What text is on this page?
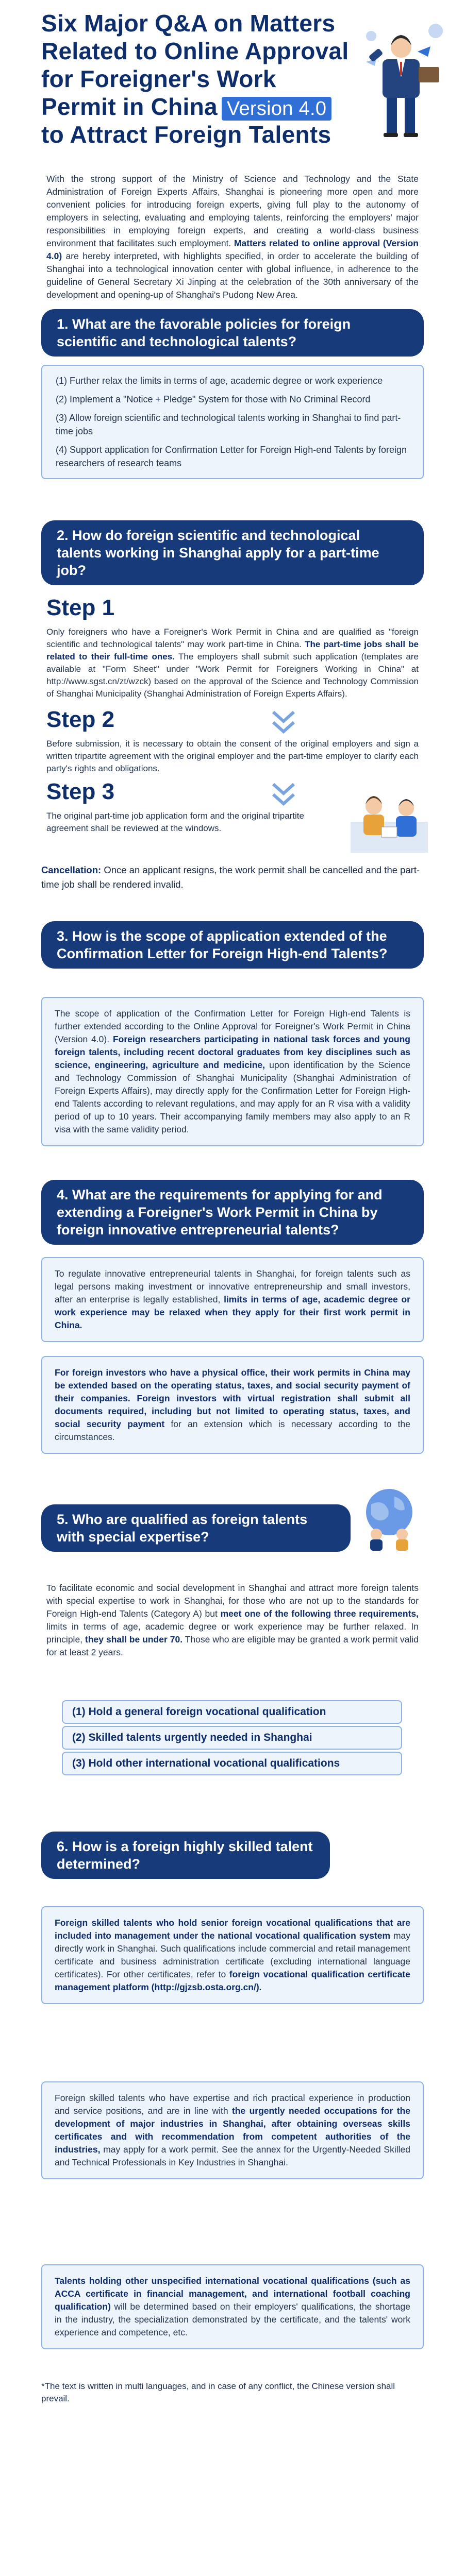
Six Major Q&A on Matters
Related to Online Approval
for Foreigner's Work
Permit in China Version 4.0
to Attract Foreign Talents
With the strong support of the Ministry of Science and Technology and the State Administration of Foreign Experts Affairs, Shanghai is pioneering more open and more convenient policies for introducing foreign experts, giving full play to the autonomy of employers in selecting, evaluating and employing talents, reinforcing the employers' major responsibilities in employing foreign experts, and creating a world-class business environment that facilitates such employment. Matters related to online approval (Version 4.0) are hereby interpreted, with highlights specified, in order to accelerate the building of Shanghai into a technological innovation center with global influence, in adherence to the guideline of General Secretary Xi Jinping at the celebration of the 30th anniversary of the development and opening-up of Shanghai's Pudong New Area.
1. What are the favorable policies for foreign scientific and technological talents?
(1) Further relax the limits in terms of age, academic degree or work experience
(2) Implement a "Notice + Pledge" System for those with No Criminal Record
(3) Allow foreign scientific and technological talents working in Shanghai to find part-time jobs
(4) Support application for Confirmation Letter for Foreign High-end Talents by foreign researchers of research teams
2. How do foreign scientific and technological talents working in Shanghai apply for a part-time job?
Step 1
Only foreigners who have a Foreigner's Work Permit in China and are qualified as "foreign scientific and technological talents" may work part-time in China. The part-time jobs shall be related to their full-time ones. The employers shall submit such application (templates are available at "Form Sheet" under "Work Permit for Foreigners Working in China" at http://www.sgst.cn/zt/wzck) based on the approval of the Science and Technology Commission of Shanghai Municipality (Shanghai Administration of Foreign Experts Affairs).
Step 2
Before submission, it is necessary to obtain the consent of the original employers and sign a written tripartite agreement with the original employer and the part-time employer to clarify each party's rights and obligations.
Step 3
The original part-time job application form and the original tripartite agreement shall be reviewed at the windows.
Cancellation: Once an applicant resigns, the work permit shall be cancelled and the part-time job shall be rendered invalid.
3. How is the scope of application extended of the Confirmation Letter for Foreign High-end Talents?
The scope of application of the Confirmation Letter for Foreign High-end Talents is further extended according to the Online Approval for Foreigner's Work Permit in China (Version 4.0). Foreign researchers participating in national task forces and young foreign talents, including recent doctoral graduates from key disciplines such as science, engineering, agriculture and medicine, upon identification by the Science and Technology Commission of Shanghai Municipality (Shanghai Administration of Foreign Experts Affairs), may directly apply for the Confirmation Letter for Foreign High-end Talents according to relevant regulations, and may apply for an R visa with a validity period of up to 10 years. Their accompanying family members may also apply to an R visa with the same validity period.
4. What are the requirements for applying for and extending a Foreigner's Work Permit in China by foreign innovative entrepreneurial talents?
To regulate innovative entrepreneurial talents in Shanghai, for foreign talents such as legal persons making investment or innovative entrepreneurship and small investors, after an enterprise is legally established, limits in terms of age, academic degree or work experience may be relaxed when they apply for their first work permit in China.
For foreign investors who have a physical office, their work permits in China may be extended based on the operating status, taxes, and social security payment of their companies. Foreign investors with virtual registration shall submit all documents required, including but not limited to operating status, taxes, and social security payment for an extension which is necessary according to the circumstances.
5. Who are qualified as foreign talents with special expertise?
To facilitate economic and social development in Shanghai and attract more foreign talents with special expertise to work in Shanghai, for those who are not up to the standards for Foreign High-end Talents (Category A) but meet one of the following three requirements, limits in terms of age, academic degree or work experience may be further relaxed. In principle, they shall be under 70. Those who are eligible may be granted a work permit valid for at least 2 years.
(1) Hold a general foreign vocational qualification
(2) Skilled talents urgently needed in Shanghai
(3) Hold other international vocational qualifications
6. How is a foreign highly skilled talent determined?
Foreign skilled talents who hold senior foreign vocational qualifications that are included into management under the national vocational qualification system may directly work in Shanghai. Such qualifications include commercial and retail management certificate and business administration certificate (excluding international language certificates). For other certificates, refer to foreign vocational qualification certificate management platform (http://gjzsb.osta.org.cn/).
Foreign skilled talents who have expertise and rich practical experience in production and service positions, and are in line with the urgently needed occupations for the development of major industries in Shanghai, after obtaining overseas skills certificates and with recommendation from competent authorities of the industries, may apply for a work permit. See the annex for the Urgently-Needed Skilled and Technical Professionals in Key Industries in Shanghai.
Talents holding other unspecified international vocational qualifications (such as ACCA certificate in financial management, and international football coaching qualification) will be determined based on their employers' qualifications, the shortage in the industry, the specialization demonstrated by the certificate, and the talents' work experience and competence, etc.
*The text is written in multi languages, and in case of any conflict, the Chinese version shall prevail.
